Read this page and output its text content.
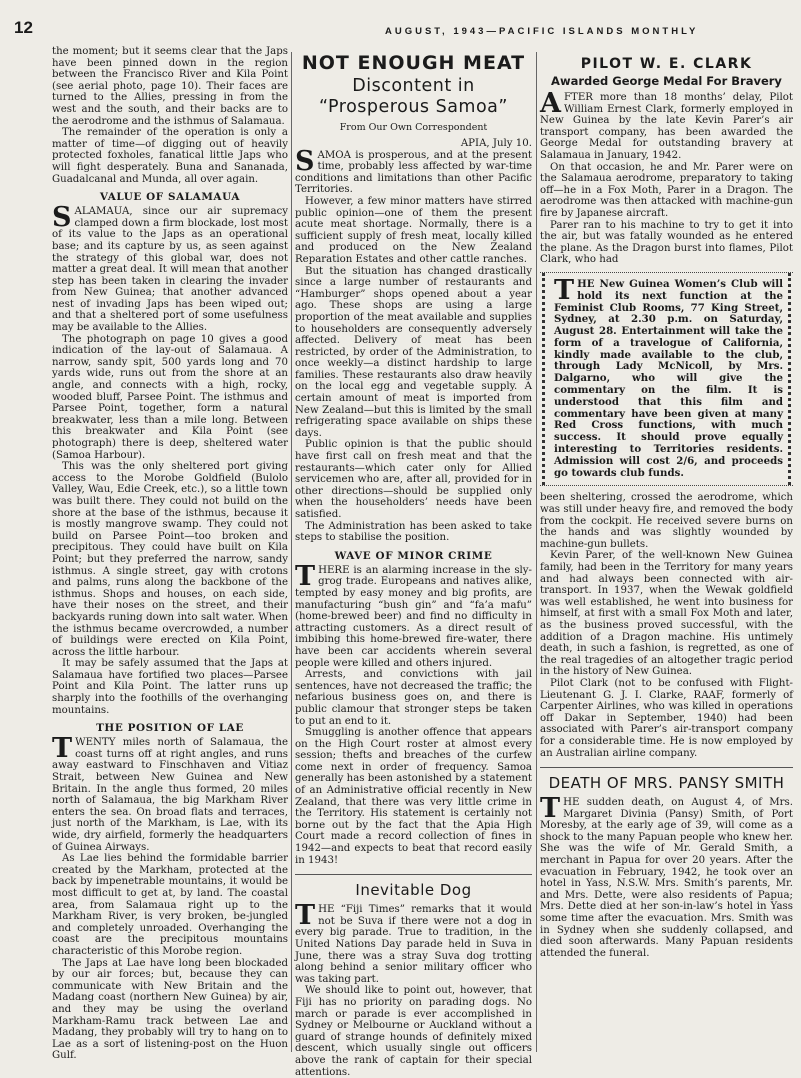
12	AUGUST, 1943—PACIFIC ISLANDS MONTHLY

the moment; but it seems clear that the Japs have been pinned down in the region between the Francisco River and Kila Point (see aerial photo, page 10). Their faces are turned to the Allies, pressing in from the west and the south, and their backs are to the aerodrome and the isthmus of Salamaua.

The remainder of the operation is only a matter of time—of digging out of heavily protected foxholes, fanatical little Japs who will fight desperately. Buna and Sananada, Guadalcanal and Munda, all over again.

VALUE OF SALAMAUA

SALAMAUA, since our air supremacy clamped down a firm blockade, lost most of its value to the Japs as an operational base; and its capture by us, as seen against the strategy of this global war, does not matter a great deal. It will mean that another step has been taken in clearing the invader from New Guinea; that another advanced nest of invading Japs has been wiped out; and that a sheltered port of some usefulness may be available to the Allies.

The photograph on page 10 gives a good indication of the lay-out of Salamaua. A narrow, sandy spit, 500 yards long and 70 yards wide, runs out from the shore at an angle, and connects with a high, rocky, wooded bluff, Parsee Point. The isthmus and Parsee Point, together, form a natural breakwater, less than a mile long. Between this breakwater and Kila Point (see photograph) there is deep, sheltered water (Samoa Harbour).

This was the only sheltered port giving access to the Morobe Goldfield (Bulolo Valley, Wau, Edie Creek, etc.), so a little town was built there. They could not build on the shore at the base of the isthmus, because it is mostly mangrove swamp. They could not build on Parsee Point—too broken and precipitous. They could have built on Kila Point; but they preferred the narrow, sandy isthmus. A single street, gay with crotons and palms, runs along the backbone of the isthmus. Shops and houses, on each side, have their noses on the street, and their backyards runing down into salt water. When the isthmus became overcrowded, a number of buildings were erected on Kila Point, across the little harbour.

It may be safely assumed that the Japs at Salamaua have fortified two places—Parsee Point and Kila Point. The latter runs up sharply into the foothills of the overhanging mountains.

THE POSITION OF LAE

TWENTY miles north of Salamaua, the coast turns off at right angles, and runs away eastward to Finschhaven and Vitiaz Strait, between New Guinea and New Britain. In the angle thus formed, 20 miles north of Salamaua, the big Markham River enters the sea. On broad flats and terraces, just north of the Markham, is Lae, with its wide, dry airfield, formerly the headquarters of Guinea Airways.

As Lae lies behind the formidable barrier created by the Markham, protected at the back by impenetrable mountains, it would be most difficult to get at, by land. The coastal area, from Salamaua right up to the Markham River, is very broken, be-jungled and completely unroaded. Overhanging the coast are the precipitous mountains characteristic of this Morobe region.

The Japs at Lae have long been blockaded by our air forces; but, because they can communicate with New Britain and the Madang coast (northern New Guinea) by air, and they may be using the overland Markham-Ramu track between Lae and Madang, they probably will try to hang on to Lae as a sort of listening-post on the Huon Gulf.

NOT ENOUGH MEAT
Discontent in “Prosperous Samoa”
From Our Own Correspondent
APIA, July 10.

SAMOA is prosperous, and at the present time, probably less affected by war-time conditions and limitations than other Pacific Territories.

However, a few minor matters have stirred public opinion—one of them the present acute meat shortage. Normally, there is a sufficient supply of fresh meat, locally killed and produced on the New Zealand Reparation Estates and other cattle ranches.

But the situation has changed drastically since a large number of restaurants and “Hamburger” shops opened about a year ago. These shops are using a large proportion of the meat available and supplies to householders are consequently adversely affected. Delivery of meat has been restricted, by order of the Administration, to once weekly—a distinct hardship to large families. These restaurants also draw heavily on the local egg and vegetable supply. A certain amount of meat is imported from New Zealand—but this is limited by the small refrigerating space available on ships these days.

Public opinion is that the public should have first call on fresh meat and that the restaurants—which cater only for Allied servicemen who are, after all, provided for in other directions—should be supplied only when the householders’ needs have been satisfied.

The Administration has been asked to take steps to stabilise the position.

WAVE OF MINOR CRIME

THERE is an alarming increase in the sly-grog trade. Europeans and natives alike, tempted by easy money and big profits, are manufacturing “bush gin” and “fa’a mafu” (home-brewed beer) and find no difficulty in attracting customers. As a direct result of imbibing this home-brewed fire-water, there have been car accidents wherein several people were killed and others injured.

Arrests, and convictions with jail sentences, have not decreased the traffic; the nefarious business goes on, and there is public clamour that stronger steps be taken to put an end to it.

Smuggling is another offence that appears on the High Court roster at almost every session; thefts and breaches of the curfew come next in order of frequency. Samoa generally has been astonished by a statement of an Administrative official recently in New Zealand, that there was very little crime in the Territory. His statement is certainly not borne out by the fact that the Apia High Court made a record collection of fines in 1942—and expects to beat that record easily in 1943!

Inevitable Dog

THE “Fiji Times” remarks that it would not be Suva if there were not a dog in every big parade. True to tradition, in the United Nations Day parade held in Suva in June, there was a stray Suva dog trotting along behind a senior military officer who was taking part.

We should like to point out, however, that Fiji has no priority on parading dogs. No march or parade is ever accomplished in Sydney or Melbourne or Auckland without a guard of strange hounds of definitely mixed descent, which usually single out officers above the rank of captain for their special attentions.

PILOT W. E. CLARK
Awarded George Medal For Bravery

AFTER more than 18 months’ delay, Pilot William Ernest Clark, formerly employed in New Guinea by the late Kevin Parer’s air transport company, has been awarded the George Medal for outstanding bravery at Salamaua in January, 1942.

On that occasion, he and Mr. Parer were on the Salamaua aerodrome, preparatory to taking off—he in a Fox Moth, Parer in a Dragon. The aerodrome was then attacked with machine-gun fire by Japanese aircraft.

Parer ran to his machine to try to get it into the air, but was fatally wounded as he entered the plane. As the Dragon burst into flames, Pilot Clark, who had

THE New Guinea Women’s Club will hold its next function at the Feminist Club Rooms, 77 King Street, Sydney, at 2.30 p.m. on Saturday, August 28. Entertainment will take the form of a travelogue of California, kindly made available to the club, through Lady McNicoll, by Mrs. Dalgarno, who will give the commentary on the film. It is understood that this film and commentary have been given at many Red Cross functions, with much success. It should prove equally interesting to Territories residents. Admission will cost 2/6, and proceeds go towards club funds.

been sheltering, crossed the aerodrome, which was still under heavy fire, and removed the body from the cockpit. He received severe burns on the hands and was slightly wounded by machine-gun bullets.

Kevin Parer, of the well-known New Guinea family, had been in the Territory for many years and had always been connected with air-transport. In 1937, when the Wewak goldfield was well established, he went into business for himself, at first with a small Fox Moth and later, as the business proved successful, with the addition of a Dragon machine. His untimely death, in such a fashion, is regretted, as one of the real tragedies of an altogether tragic period in the history of New Guinea.

Pilot Clark (not to be confused with Flight-Lieutenant G. J. I. Clarke, RAAF, formerly of Carpenter Airlines, who was killed in operations off Dakar in September, 1940) had been associated with Parer’s air-transport company for a considerable time. He is now employed by an Australian airline company.

DEATH OF MRS. PANSY SMITH

THE sudden death, on August 4, of Mrs. Margaret Divinia (Pansy) Smith, of Port Moresby, at the early age of 39, will come as a shock to the many Papuan people who knew her. She was the wife of Mr. Gerald Smith, a merchant in Papua for over 20 years. After the evacuation in February, 1942, he took over an hotel in Yass, N.S.W. Mrs. Smith’s parents, Mr. and Mrs. Dette, were also residents of Papua; Mrs. Dette died at her son-in-law’s hotel in Yass some time after the evacuation. Mrs. Smith was in Sydney when she suddenly collapsed, and died soon afterwards. Many Papuan residents attended the funeral.
